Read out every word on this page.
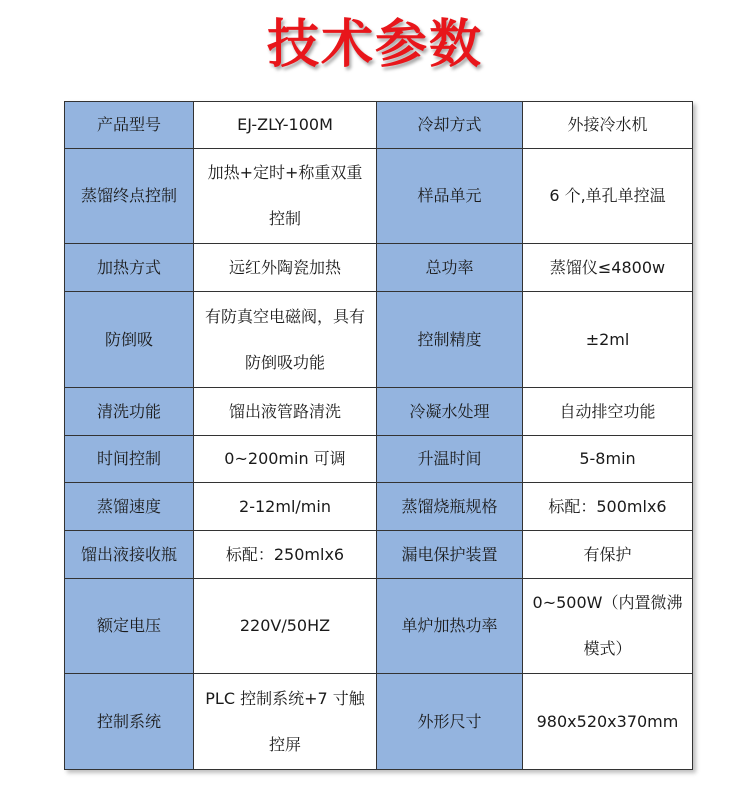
技术参数
产品型号	EJ-ZLY-100M	冷却方式	外接冷水机
蒸馏终点控制	加热+定时+称重双重控制	样品单元	6 个,单孔单控温
加热方式	远红外陶瓷加热	总功率	蒸馏仪≤4800w
防倒吸	有防真空电磁阀，具有防倒吸功能	控制精度	±2ml
清洗功能	馏出液管路清洗	冷凝水处理	自动排空功能
时间控制	0~200min 可调	升温时间	5-8min
蒸馏速度	2-12ml/min	蒸馏烧瓶规格	标配：500mlx6
馏出液接收瓶	标配：250mlx6	漏电保护装置	有保护
额定电压	220V/50HZ	单炉加热功率	0~500W（内置微沸模式）
控制系统	PLC 控制系统+7 寸触控屏	外形尺寸	980x520x370mm
